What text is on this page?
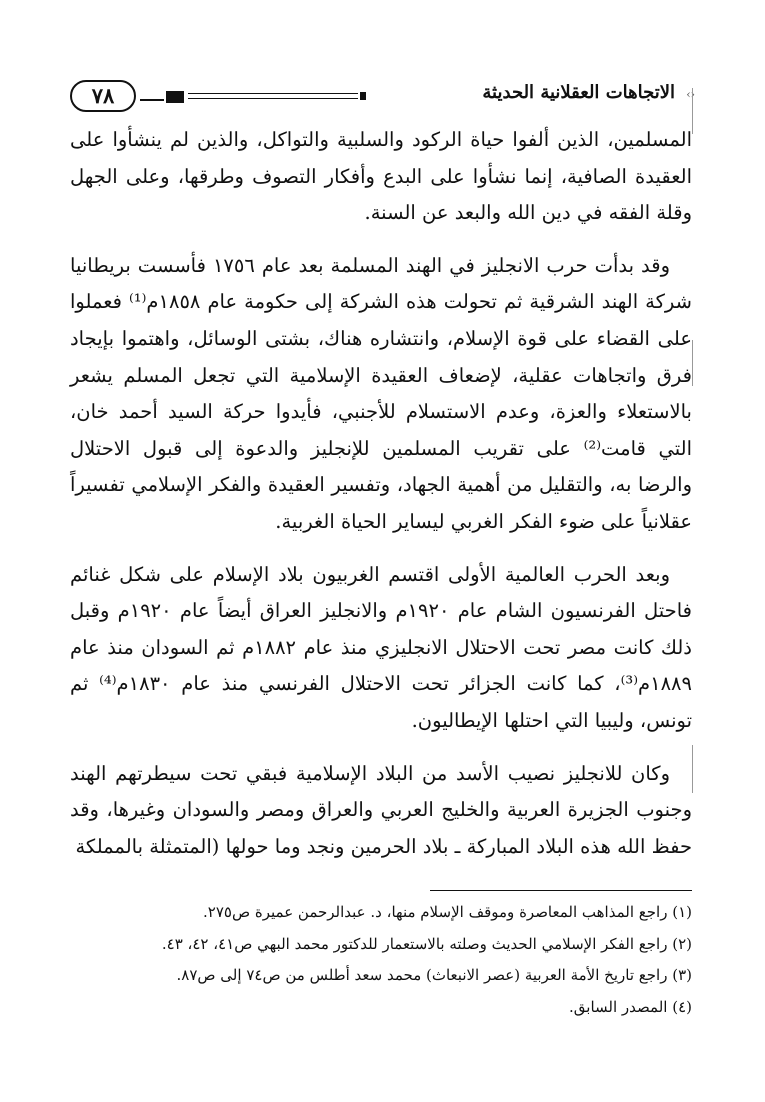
٧٨	الاتجاهات العقلانية الحديثة ‹›

المسلمين، الذين ألفوا حياة الركود والسلبية والتواكل، والذين لم ينشأوا على العقيدة الصافية، إنما نشأوا على البدع وأفكار التصوف وطرقها، وعلى الجهل وقلة الفقه في دين الله والبعد عن السنة.

وقد بدأت حرب الانجليز في الهند المسلمة بعد عام ١٧٥٦ فأسست بريطانيا شركة الهند الشرقية ثم تحولت هذه الشركة إلى حكومة عام ١٨٥٨م⁽¹⁾ فعملوا على القضاء على قوة الإسلام، وانتشاره هناك، بشتى الوسائل، واهتموا بإيجاد فرق واتجاهات عقلية، لإضعاف العقيدة الإسلامية التي تجعل المسلم يشعر بالاستعلاء والعزة، وعدم الاستسلام للأجنبي، فأيدوا حركة السيد أحمد خان، التي قامت⁽²⁾ على تقريب المسلمين للإنجليز والدعوة إلى قبول الاحتلال والرضا به، والتقليل من أهمية الجهاد، وتفسير العقيدة والفكر الإسلامي تفسيراً عقلانياً على ضوء الفكر الغربي ليساير الحياة الغربية.

وبعد الحرب العالمية الأولى اقتسم الغربيون بلاد الإسلام على شكل غنائم فاحتل الفرنسيون الشام عام ١٩٢٠م والانجليز العراق أيضاً عام ١٩٢٠م وقبل ذلك كانت مصر تحت الاحتلال الانجليزي منذ عام ١٨٨٢م ثم السودان منذ عام ١٨٨٩م⁽³⁾، كما كانت الجزائر تحت الاحتلال الفرنسي منذ عام ١٨٣٠م⁽⁴⁾ ثم تونس، وليبيا التي احتلها الإيطاليون.

وكان للانجليز نصيب الأسد من البلاد الإسلامية فبقي تحت سيطرتهم الهند وجنوب الجزيرة العربية والخليج العربي والعراق ومصر والسودان وغيرها، وقد حفظ الله هذه البلاد المباركة ـ بلاد الحرمين ونجد وما حولها (المتمثلة بالمملكة

(١) راجع المذاهب المعاصرة وموقف الإسلام منها، د. عبدالرحمن عميرة ص٢٧٥.
(٢) راجع الفكر الإسلامي الحديث وصلته بالاستعمار للدكتور محمد البهي ص٤١، ٤٢، ٤٣.
(٣) راجع تاريخ الأمة العربية (عصر الانبعاث) محمد سعد أطلس من ص٧٤ إلى ص٨٧.
(٤) المصدر السابق.
